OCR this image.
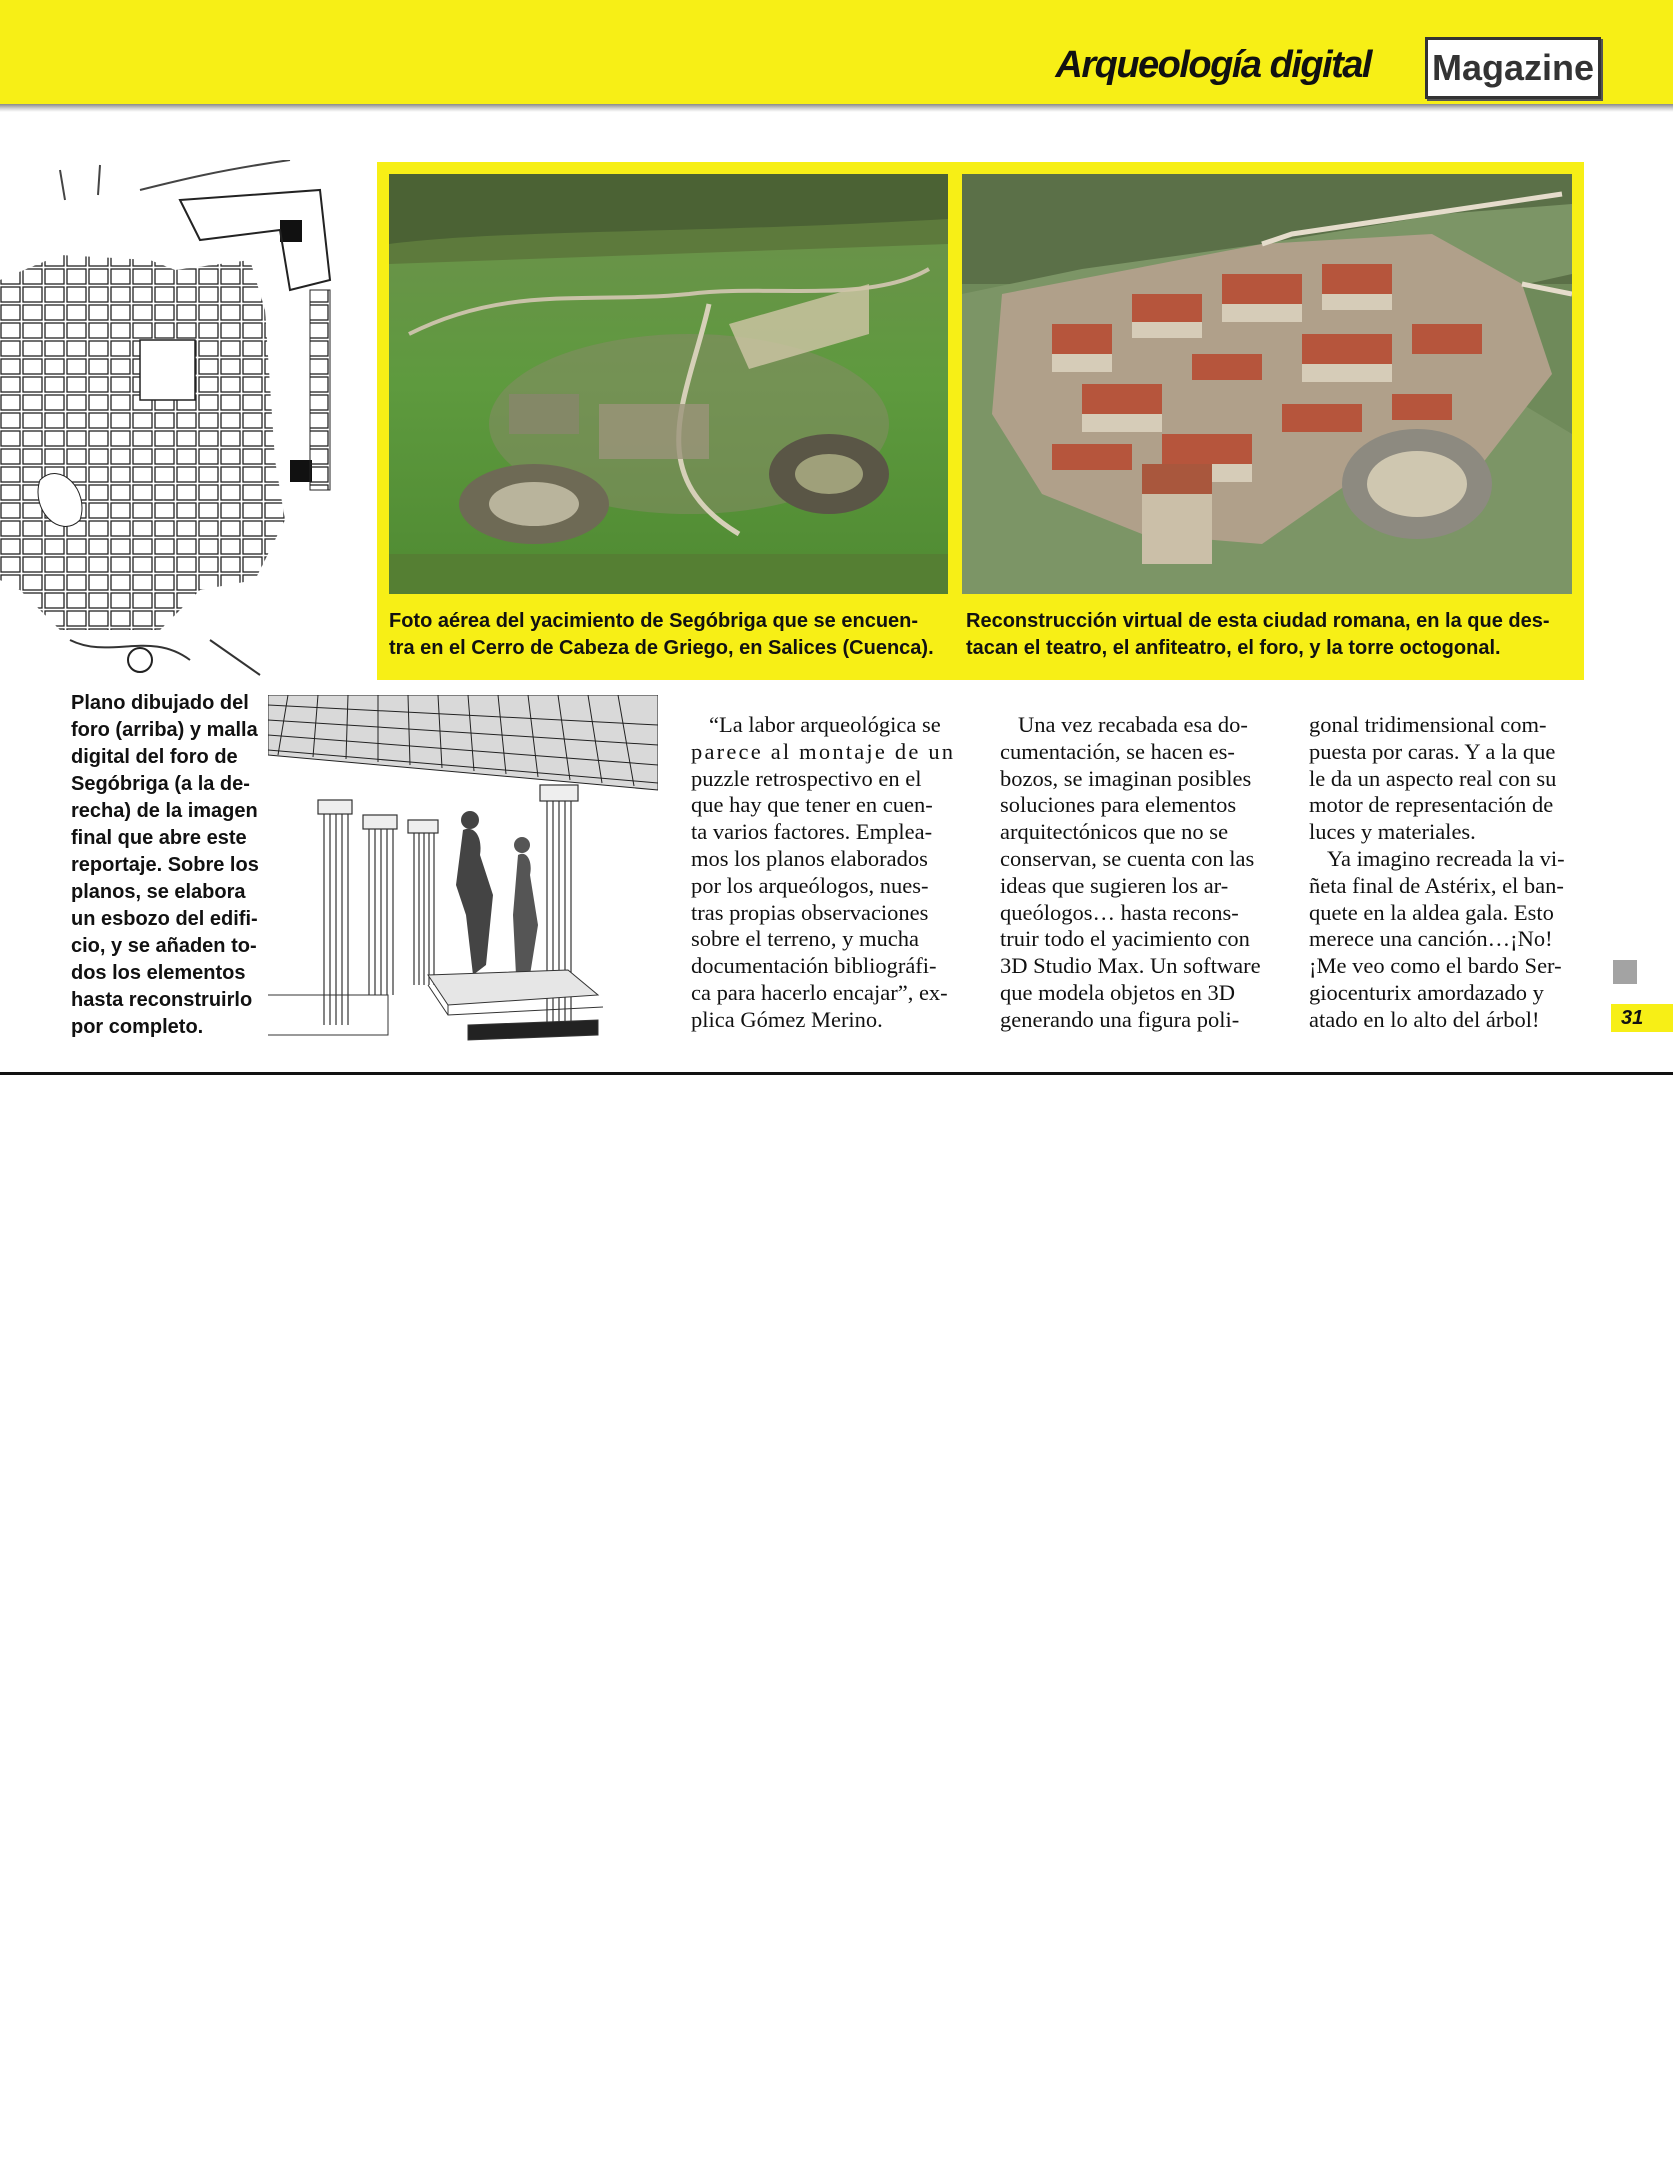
Arqueología digital Magazine
Foto aérea del yacimiento de Segóbriga que se encuen-
tra en el Cerro de Cabeza de Griego, en Salices (Cuenca).
Reconstrucción virtual de esta ciudad romana, en la que des-
tacan el teatro, el anfiteatro, el foro, y la torre octogonal.
Plano dibujado del
foro (arriba) y malla
digital del foro de
Segóbriga (a la de-
recha) de la imagen
final que abre este
reportaje. Sobre los
planos, se elabora
un esbozo del edifi-
cio, y se añaden to-
dos los elementos
hasta reconstruirlo
por completo.

“La labor arqueológica se

parece al montaje de un

puzzle retrospectivo en el

que hay que tener en cuen-

ta varios factores. Emplea-

mos los planos elaborados

por los arqueólogos, nues-

tras propias observaciones

sobre el terreno, y mucha

documentación bibliográfi-

ca para hacerlo encajar”, ex-

plica Gómez Merino.

Una vez recabada esa do-

cumentación, se hacen es-

bozos, se imaginan posibles

soluciones para elementos

arquitectónicos que no se

conservan, se cuenta con las

ideas que sugieren los ar-

queólogos… hasta recons-

truir todo el yacimiento con

3D Studio Max. Un software

que modela objetos en 3D

generando una figura poli-

gonal tridimensional com-

puesta por caras. Y a la que

le da un aspecto real con su

motor de representación de

luces y materiales.

Ya imagino recreada la vi-

ñeta final de Astérix, el ban-

quete en la aldea gala. Esto

merece una canción…¡No!

¡Me veo como el bardo Ser-

giocenturix amordazado y

atado en lo alto del árbol!	31
